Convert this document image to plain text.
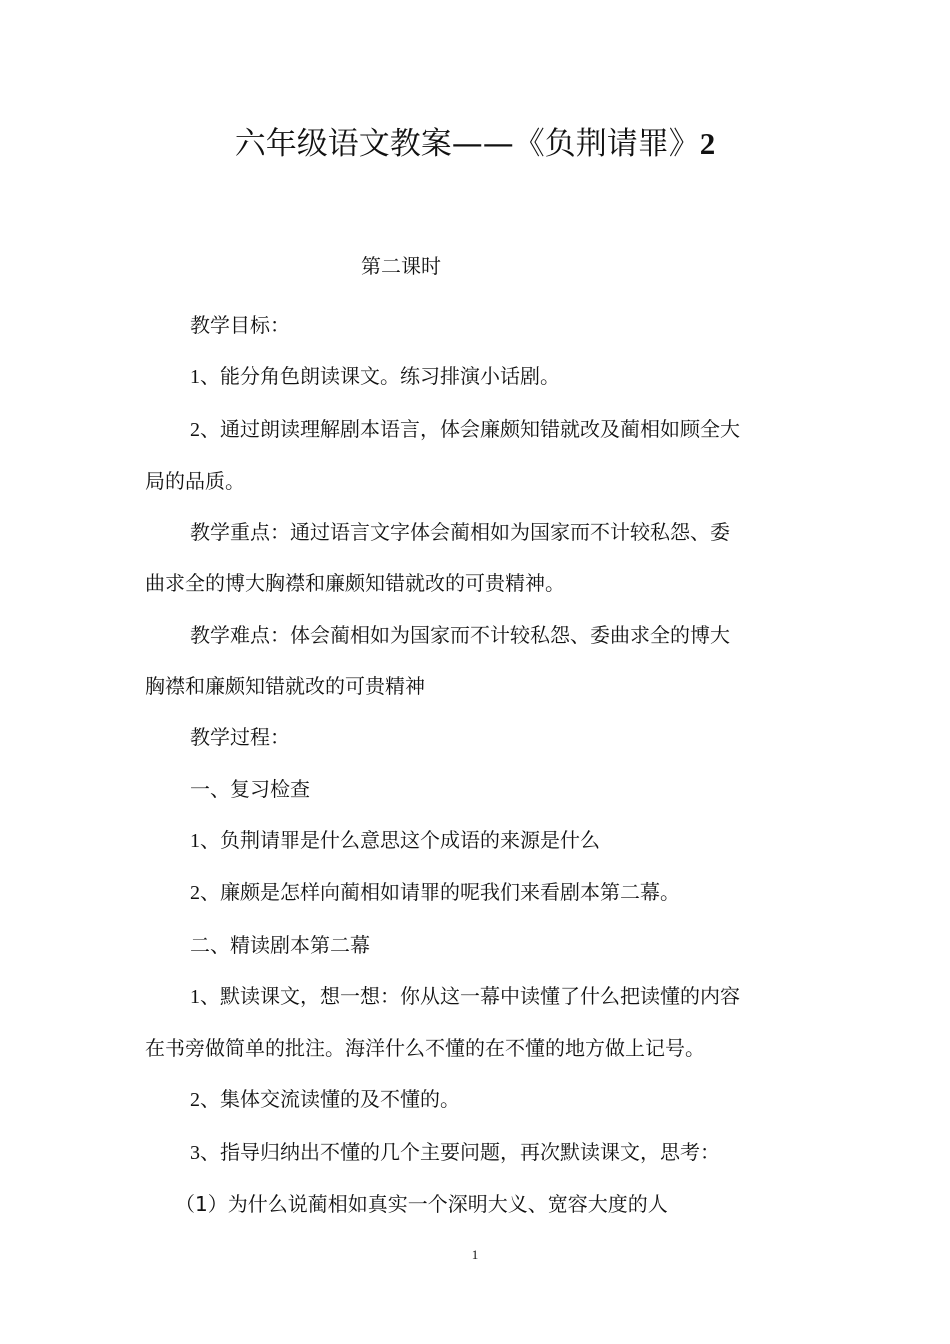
六年级语文教案——《负荆请罪》2
第二课时

教学目标：

1、能分角色朗读课文。练习排演小话剧。

2、通过朗读理解剧本语言，体会廉颇知错就改及蔺相如顾全大

局的品质。

教学重点：通过语言文字体会蔺相如为国家而不计较私怨、委

曲求全的博大胸襟和廉颇知错就改的可贵精神。

教学难点：体会蔺相如为国家而不计较私怨、委曲求全的博大

胸襟和廉颇知错就改的可贵精神

教学过程：

一、复习检查

1、负荆请罪是什么意思这个成语的来源是什么

2、廉颇是怎样向蔺相如请罪的呢我们来看剧本第二幕。

二、精读剧本第二幕

1、默读课文，想一想：你从这一幕中读懂了什么把读懂的内容

在书旁做简单的批注。海洋什么不懂的在不懂的地方做上记号。

2、集体交流读懂的及不懂的。

3、指导归纳出不懂的几个主要问题，再次默读课文，思考：

（1）为什么说蔺相如真实一个深明大义、宽容大度的人

1
